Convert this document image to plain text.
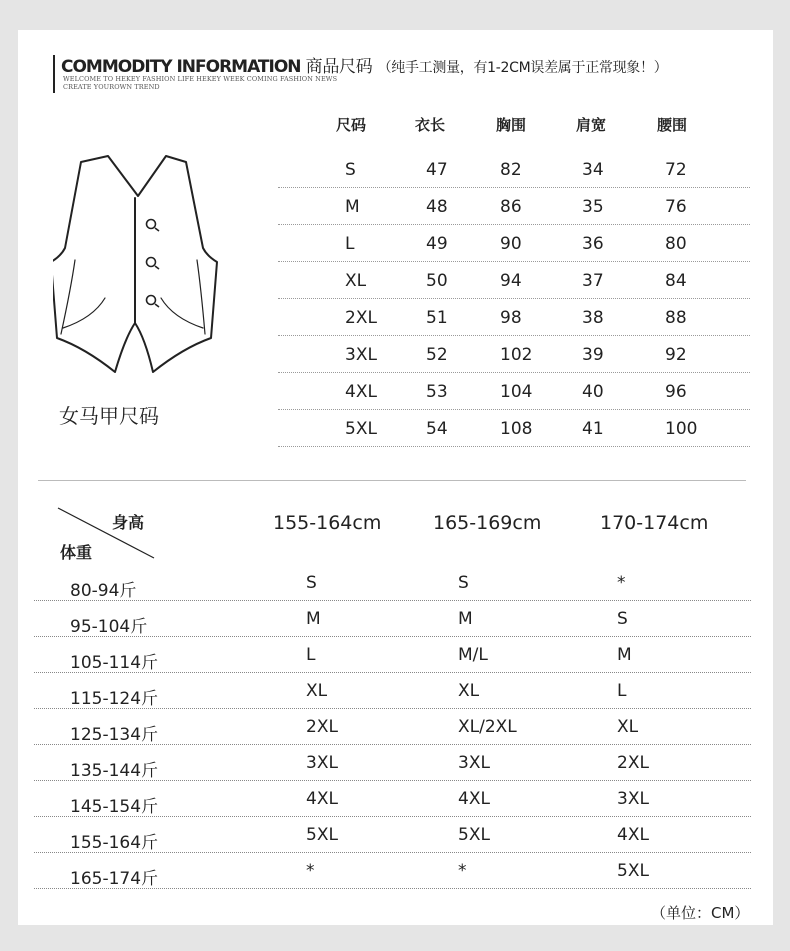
COMMODITY INFORMATION 商品尺码 （纯手工测量，有1-2CM误差属于正常现象！）
WELCOME TO HEKEY FASHION LIFE HEKEY WEEK COMING FASHION NEWS
CREATE YOUROWN TREND
女马甲尺码
尺码	衣长	胸围	肩宽	腰围
S	47	82	34	72
M	48	86	35	76
L	49	90	36	80
XL	50	94	37	84
2XL	51	98	38	88
3XL	52	102	39	92
4XL	53	104	40	96
5XL	54	108	41	100
身高
体重
155-164cm	165-169cm	170-174cm
80-94斤	S	S	*
95-104斤	M	M	S
105-114斤	L	M/L	M
115-124斤	XL	XL	L
125-134斤	2XL	XL/2XL	XL
135-144斤	3XL	3XL	2XL
145-154斤	4XL	4XL	3XL
155-164斤	5XL	5XL	4XL
165-174斤	*	*	5XL
（单位：CM）
